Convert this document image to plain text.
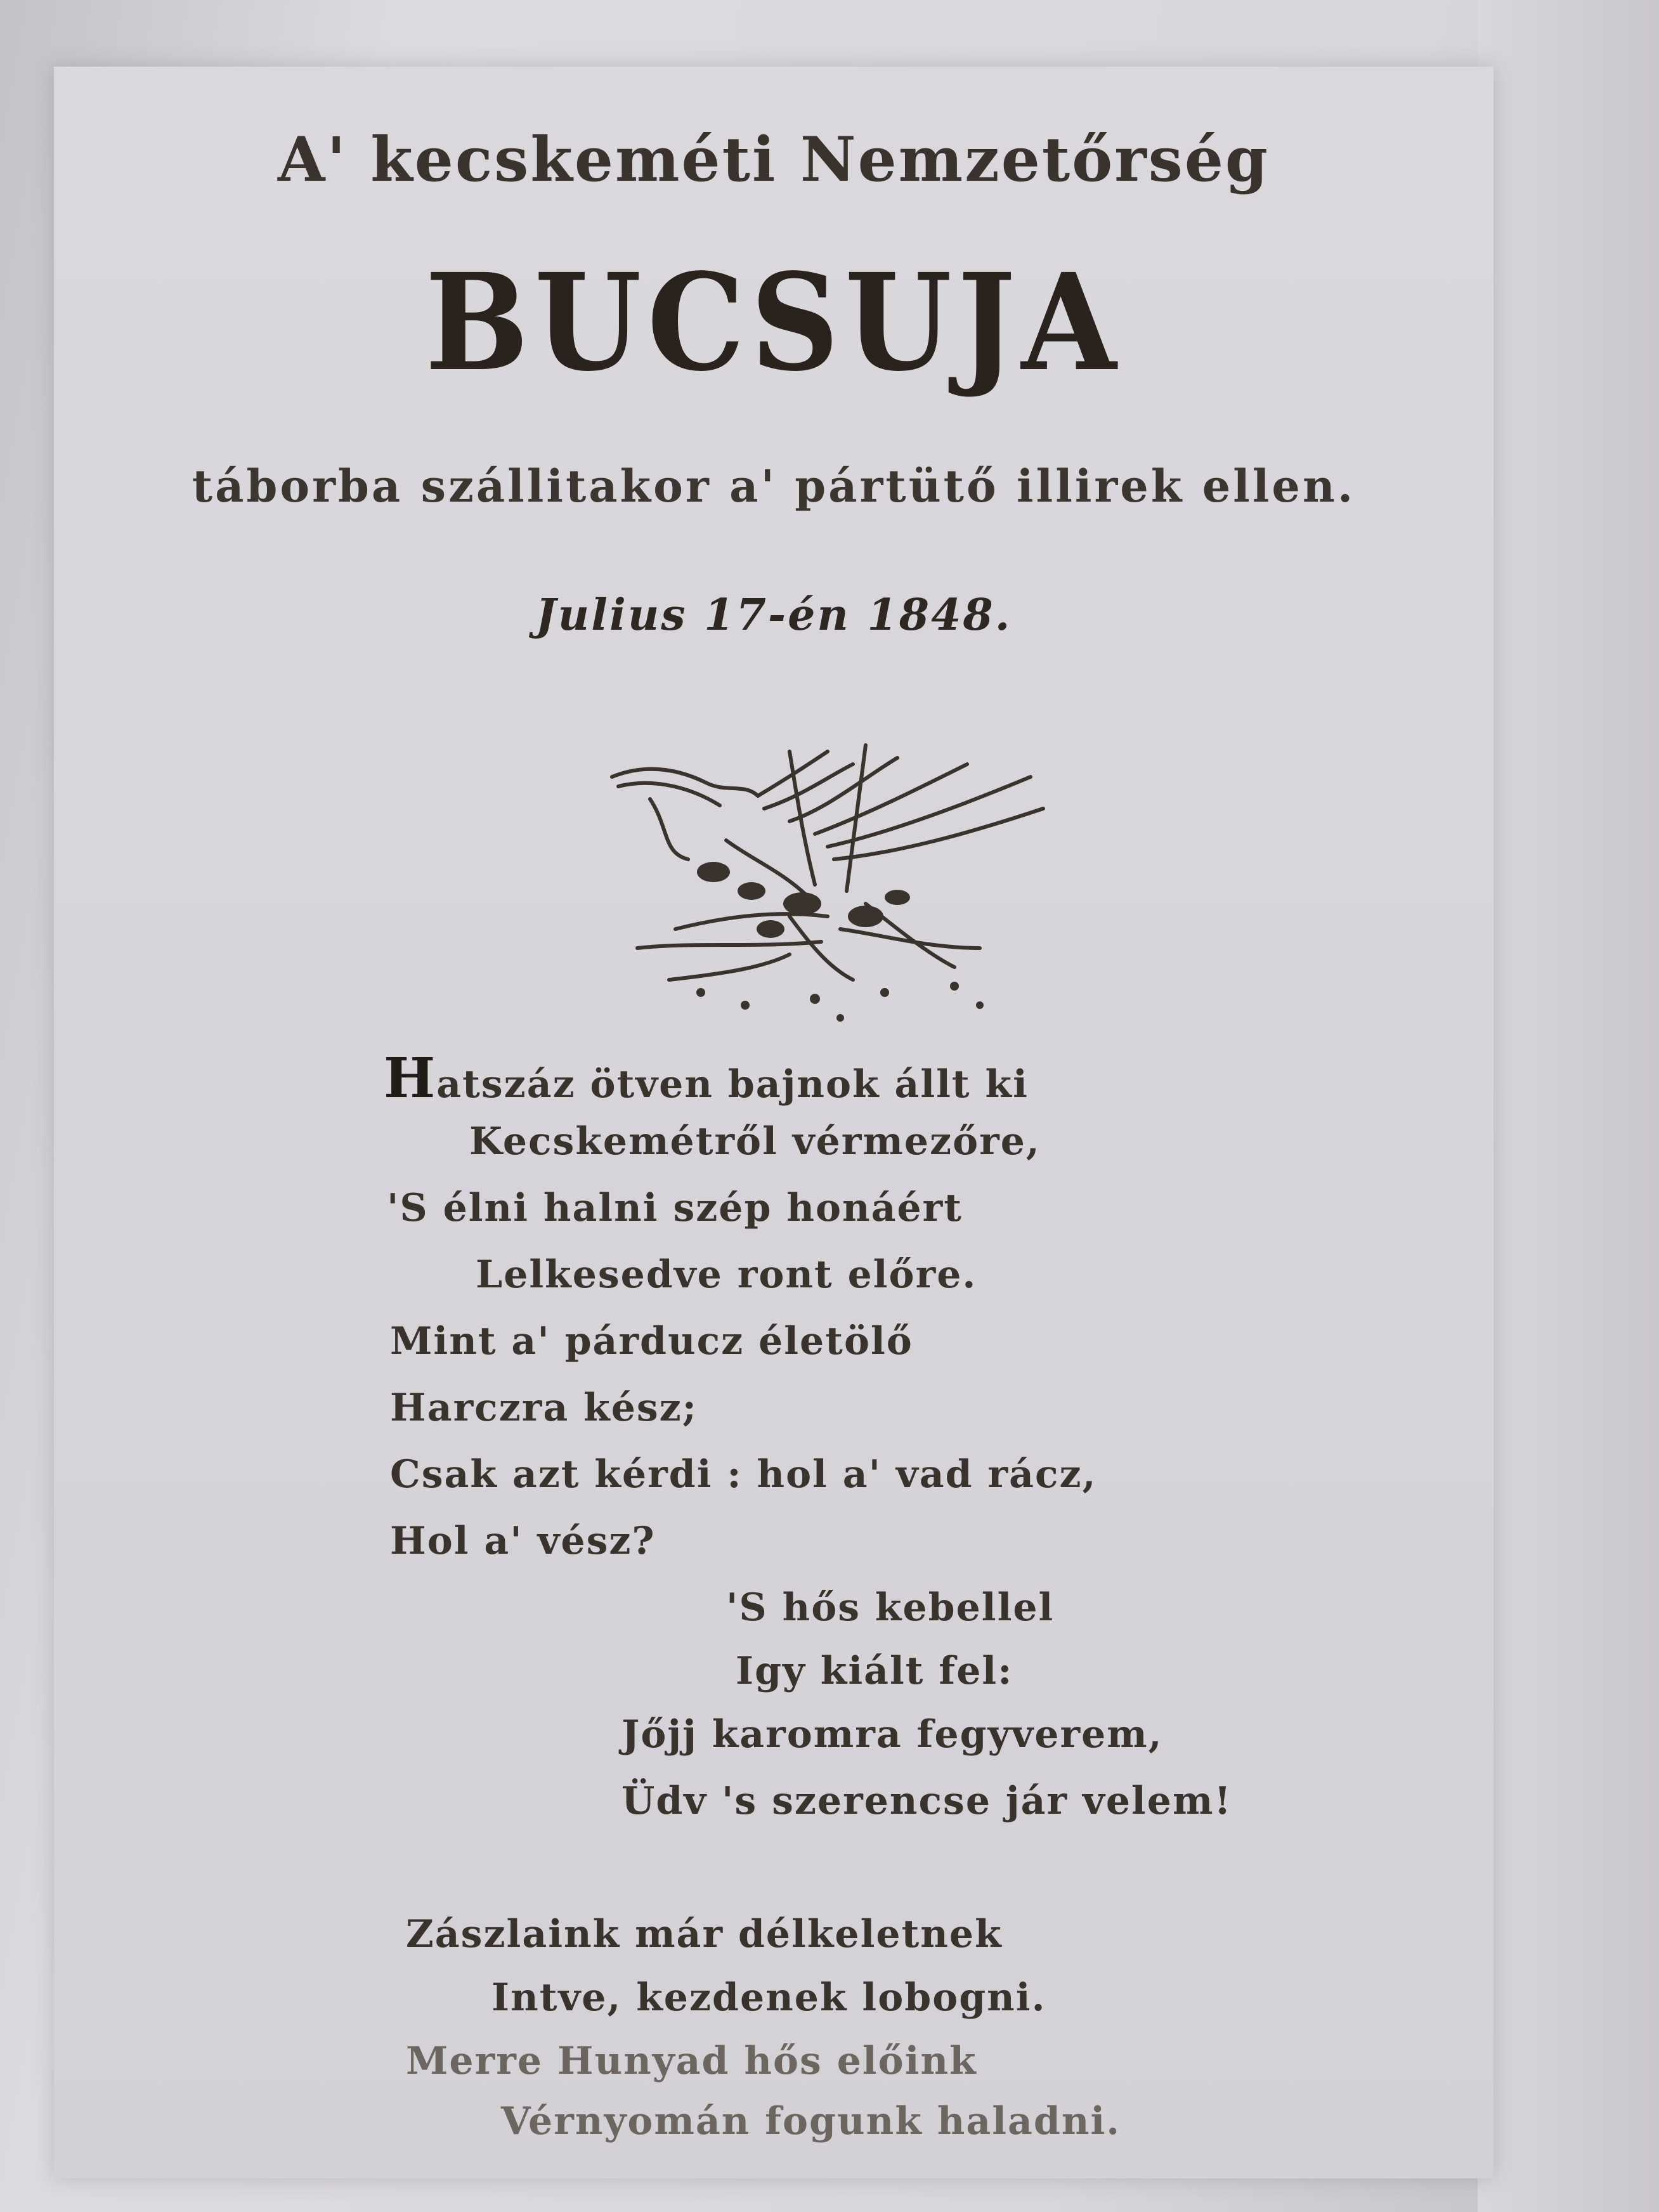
A' kecskeméti Nemzetőrség
BUCSUJA
táborba szállitakor a' pártütő illirek ellen.
Julius 17-én 1848.
Hatszáz ötven bajnok állt ki
Kecskemétről vérmezőre,
'S élni halni szép honáért
Lelkesedve ront előre.
Mint a' párducz életölő
Harczra kész;
Csak azt kérdi : hol a' vad rácz,
Hol a' vész?
'S hős kebellel
Igy kiált fel:
Jőjj karomra fegyverem,
Üdv 's szerencse jár velem!
Zászlaink már délkeletnek
Intve, kezdenek lobogni.
Merre Hunyad hős előink
Vérnyomán fogunk haladni.
